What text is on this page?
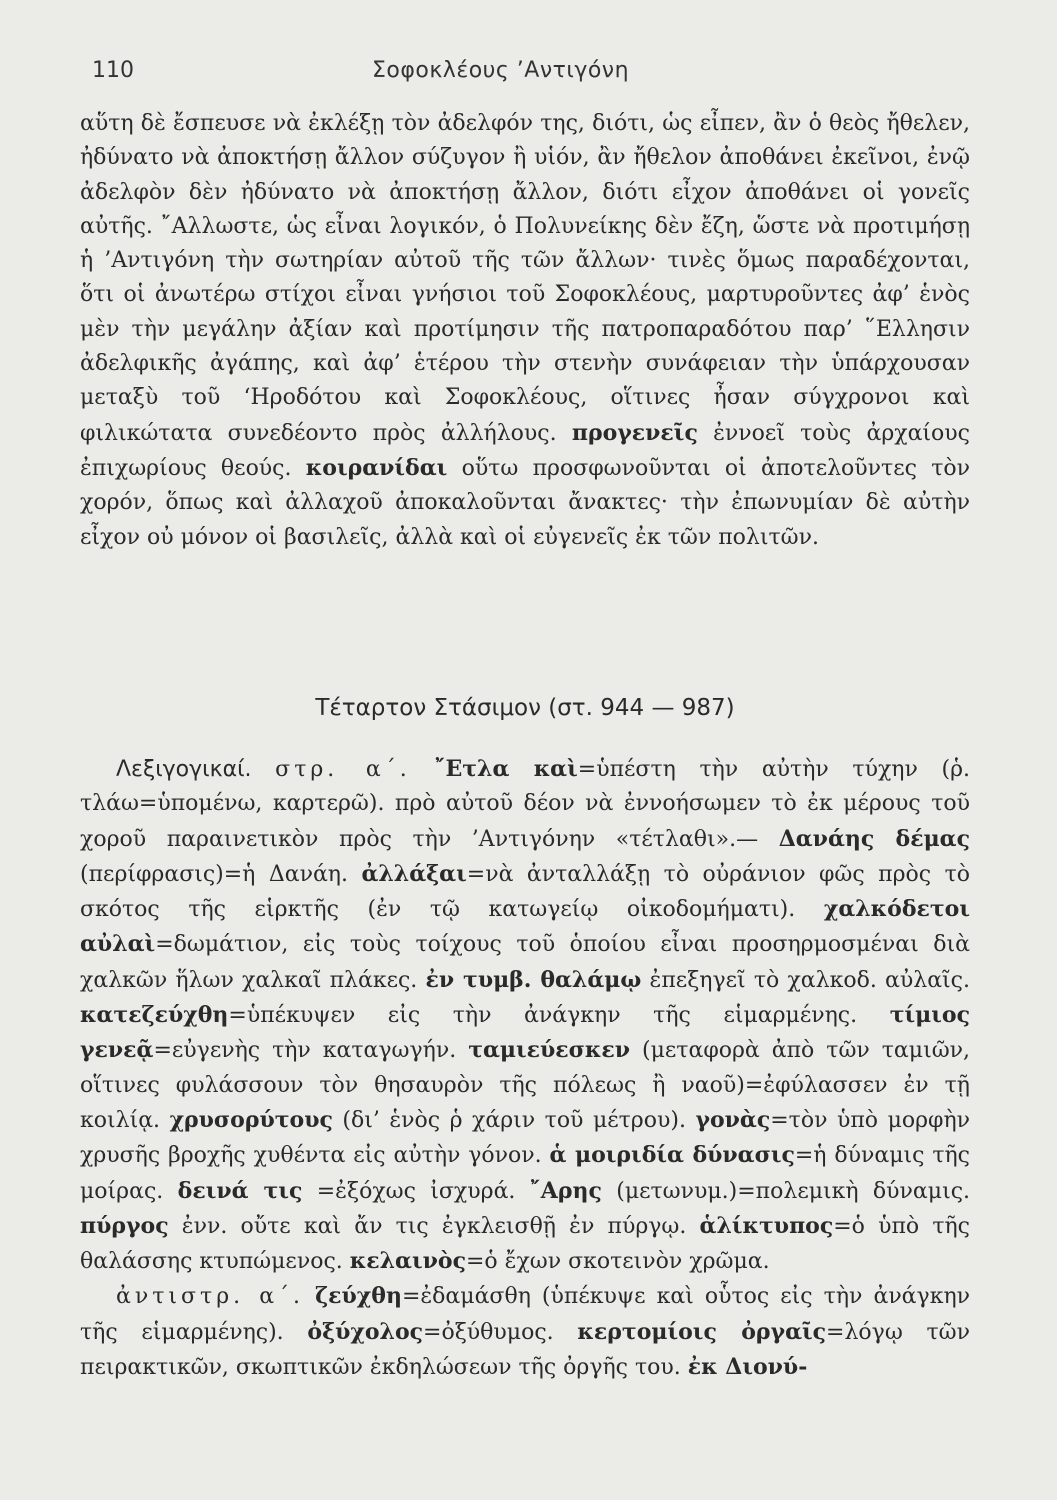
110	Σοφοκλέους ’Αντιγόνη

αὕτη δὲ ἔσπευσε νὰ ἐκλέξῃ τὸν ἀδελφόν της, διότι, ὡς εἶπεν, ἂν ὁ θεὸς ἤθελεν, ἠδύνατο νὰ ἀποκτήσῃ ἄλλον σύζυγον ἢ υἱόν, ἂν ἤθελον ἀποθάνει ἐκεῖνοι, ἐνῷ ἀδελφὸν δὲν ἠδύνατο νὰ ἀποκτήσῃ ἄλλον, διότι εἶχον ἀποθάνει οἱ γονεῖς αὐτῆς. ῎Αλλωστε, ὡς εἶναι λογικόν, ὁ Πολυνείκης δὲν ἔζη, ὥστε νὰ προτιμήσῃ ἡ ’Αντιγόνη τὴν σωτηρίαν αὐτοῦ τῆς τῶν ἄλλων· τινὲς ὅμως παραδέχονται, ὅτι οἱ ἀνωτέρω στίχοι εἶναι γνήσιοι τοῦ Σοφοκλέους, μαρτυροῦντες ἀφ’ ἑνὸς μὲν τὴν μεγάλην ἀξίαν καὶ προτίμησιν τῆς πατροπαραδότου παρ’ ῞Ελλησιν ἀδελφικῆς ἀγάπης, καὶ ἀφ’ ἑτέρου τὴν στενὴν συνάφειαν τὴν ὑπάρχουσαν μεταξὺ τοῦ ‘Ηροδότου καὶ Σοφοκλέους, οἵτινες ἦσαν σύγχρονοι καὶ φιλικώτατα συνεδέοντο πρὸς ἀλλήλους. προγενεῖς ἐννοεῖ τοὺς ἀρχαίους ἐπιχωρίους θεούς. κοιρανίδαι οὕτω προσφωνοῦνται οἱ ἀποτελοῦντες τὸν χορόν, ὅπως καὶ ἀλλαχοῦ ἀποκαλοῦνται ἄνακτες· τὴν ἐπωνυμίαν δὲ αὐτὴν εἶχον οὐ μόνον οἱ βασιλεῖς, ἀλλὰ καὶ οἱ εὐγενεῖς ἐκ τῶν πολιτῶν.

Τέταρτον Στάσιμον (στ. 944 — 987)

Λεξιγογικαί. στρ. α΄. ῎Ετλα καὶ=ὑπέστη τὴν αὐτὴν τύχην (ῥ. τλάω=ὑπομένω, καρτερῶ). πρὸ αὐτοῦ δέον νὰ ἐννοήσωμεν τὸ ἐκ μέρους τοῦ χοροῦ παραινετικὸν πρὸς τὴν ’Αντιγόνην «τέτλαθι».— Δανάης δέμας (περίφρασις)=ἡ Δανάη. ἀλλάξαι=νὰ ἀνταλλάξῃ τὸ οὐράνιον φῶς πρὸς τὸ σκότος τῆς εἱρκτῆς (ἐν τῷ κατωγείῳ οἰκοδομήματι). χαλκόδετοι αὐλαὶ=δωμάτιον, εἰς τοὺς τοίχους τοῦ ὁποίου εἶναι προσηρμοσμέναι διὰ χαλκῶν ἥλων χαλκαῖ πλάκες. ἐν τυμβ. θαλάμῳ ἐπεξηγεῖ τὸ χαλκοδ. αὐλαῖς. κατεζεύχθη=ὑπέκυψεν εἰς τὴν ἀνάγκην τῆς εἱμαρμένης. τίμιος γενεᾷ=εὐγενὴς τὴν καταγωγήν. ταμιεύεσκεν (μεταφορὰ ἀπὸ τῶν ταμιῶν, οἵτινες φυλάσσουν τὸν θησαυρὸν τῆς πόλεως ἢ ναοῦ)=ἐφύλασσεν ἐν τῇ κοιλίᾳ. χρυσορύτους (δι’ ἑνὸς ῥ χάριν τοῦ μέτρου). γονὰς=τὸν ὑπὸ μορφὴν χρυσῆς βροχῆς χυθέντα εἰς αὐτὴν γόνον. ἁ μοιριδία δύνασις=ἡ δύναμις τῆς μοίρας. δεινά τις =ἐξόχως ἰσχυρά. ῎Αρης (μετωνυμ.)=πολεμικὴ δύναμις. πύργος ἐνν. οὔτε καὶ ἄν τις ἐγκλεισθῇ ἐν πύργῳ. ἁλίκτυπος=ὁ ὑπὸ τῆς θαλάσσης κτυπώμενος. κελαινὸς=ὁ ἔχων σκοτεινὸν χρῶμα.

ἀντιστρ. α΄. ζεύχθη=ἐδαμάσθη (ὑπέκυψε καὶ οὗτος εἰς τὴν ἀνάγκην τῆς εἱμαρμένης). ὀξύχολος=ὀξύθυμος. κερτομίοις ὀργαῖς=λόγῳ τῶν πειρακτικῶν, σκωπτικῶν ἐκδηλώσεων τῆς ὀργῆς του. ἐκ Διονύ-
